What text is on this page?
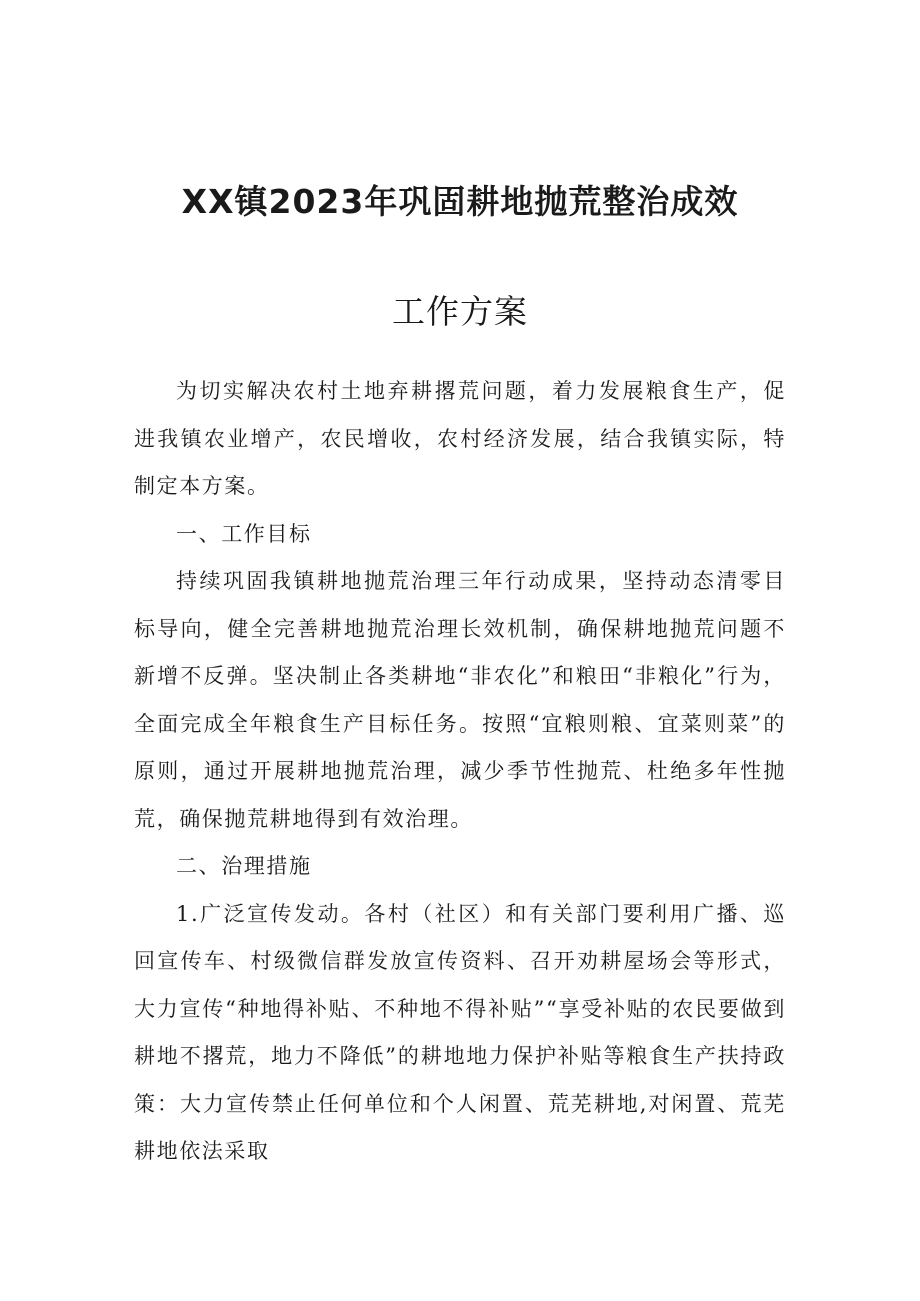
XX镇2023年巩固耕地抛荒整治成效
工作方案

为切实解决农村土地弃耕撂荒问题，着力发展粮食生产，促进我镇农业增产，农民增收，农村经济发展，结合我镇实际，特制定本方案。

一、工作目标

持续巩固我镇耕地抛荒治理三年行动成果，坚持动态清零目标导向，健全完善耕地抛荒治理长效机制，确保耕地抛荒问题不新增不反弹。坚决制止各类耕地“非农化”和粮田“非粮化”行为，全面完成全年粮食生产目标任务。按照“宜粮则粮、宜菜则菜”的原则，通过开展耕地抛荒治理，减少季节性抛荒、杜绝多年性抛荒，确保抛荒耕地得到有效治理。

二、治理措施

1.广泛宣传发动。各村（社区）和有关部门要利用广播、巡回宣传车、村级微信群发放宣传资料、召开劝耕屋场会等形式，大力宣传“种地得补贴、不种地不得补贴”“享受补贴的农民要做到耕地不撂荒，地力不降低”的耕地地力保护补贴等粮食生产扶持政策：大力宣传禁止任何单位和个人闲置、荒芜耕地,对闲置、荒芜耕地依法采取
